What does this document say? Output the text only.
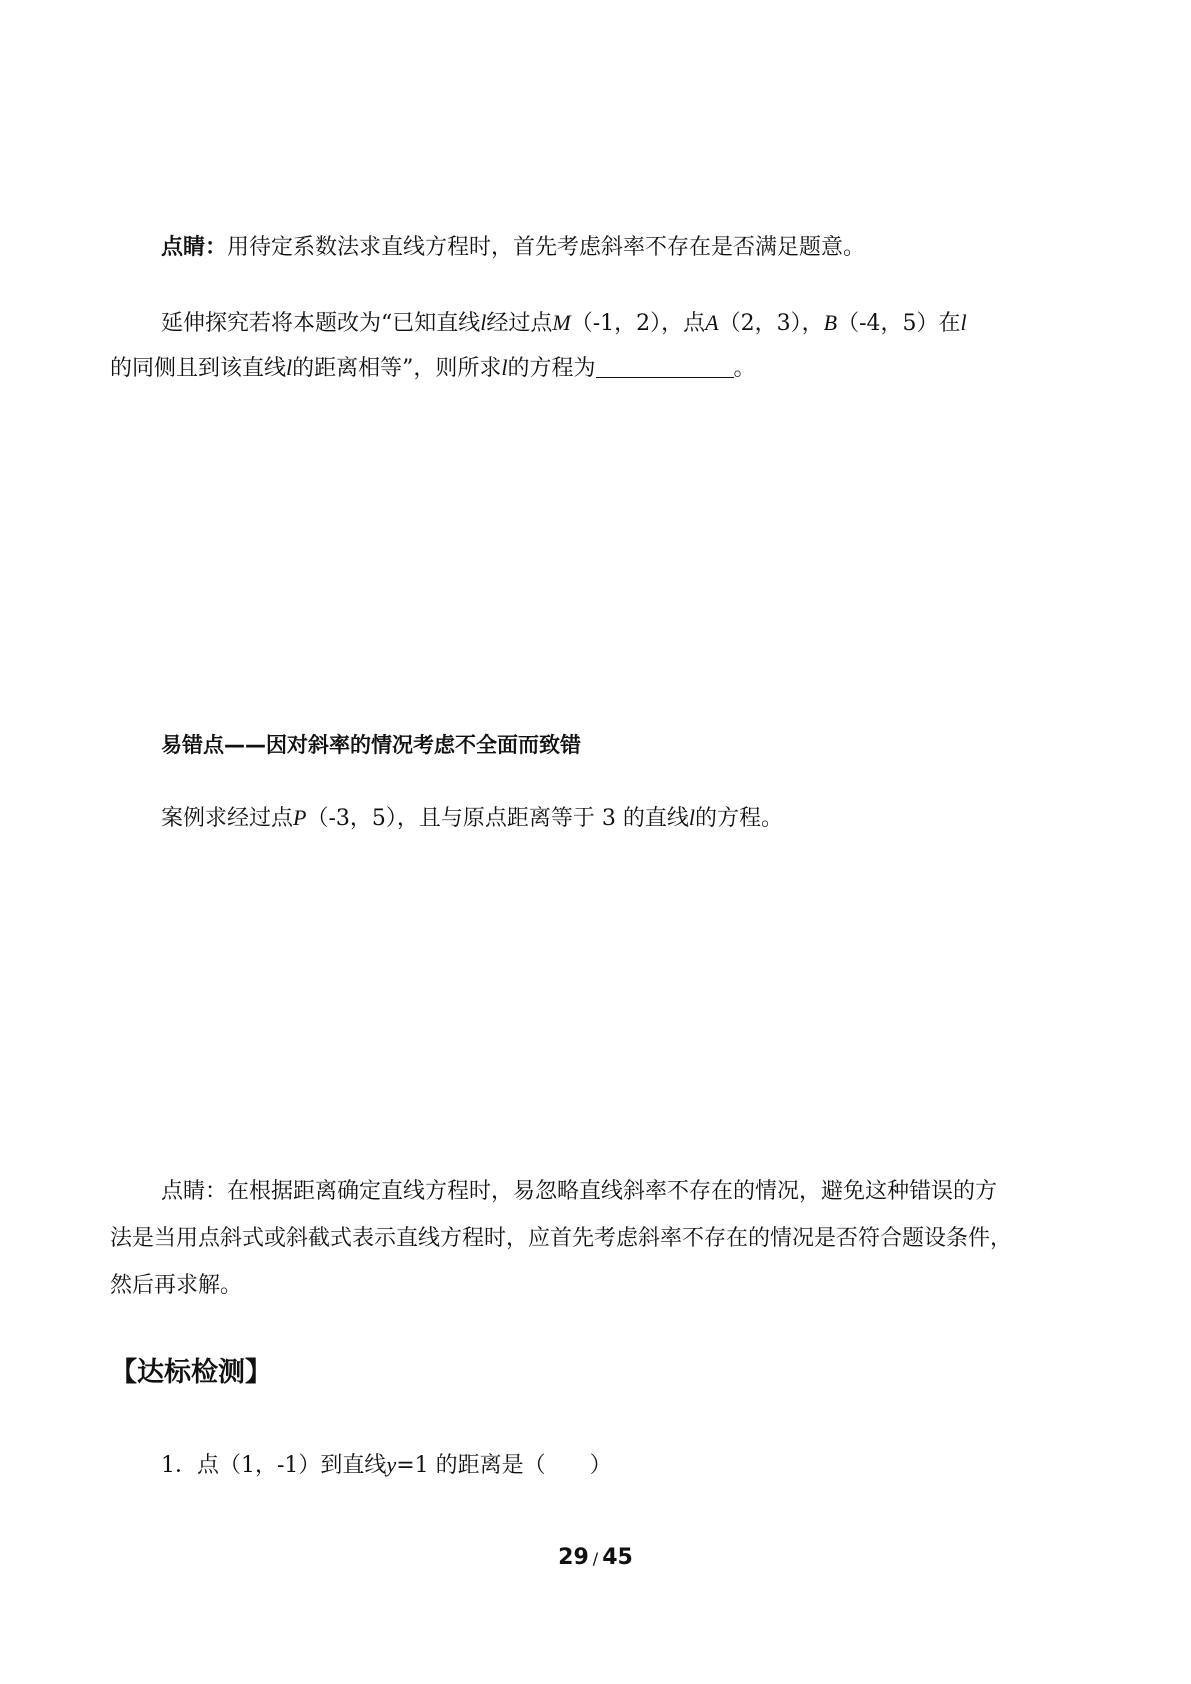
点睛：用待定系数法求直线方程时，首先考虑斜率不存在是否满足题意。
延伸探究若将本题改为“已知直线l经过点M（-1，2），点A（2，3），B（-4，5）在l
的同侧且到该直线l的距离相等”，则所求l的方程为	。
易错点——因对斜率的情况考虑不全面而致错
案例求经过点P（-3，5），且与原点距离等于 3 的直线l的方程。
点睛：在根据距离确定直线方程时，易忽略直线斜率不存在的情况，避免这种错误的方
法是当用点斜式或斜截式表示直线方程时，应首先考虑斜率不存在的情况是否符合题设条件，
然后再求解。
【达标检测】
1．点（1，-1）到直线y=1 的距离是（　　）
29 / 45
